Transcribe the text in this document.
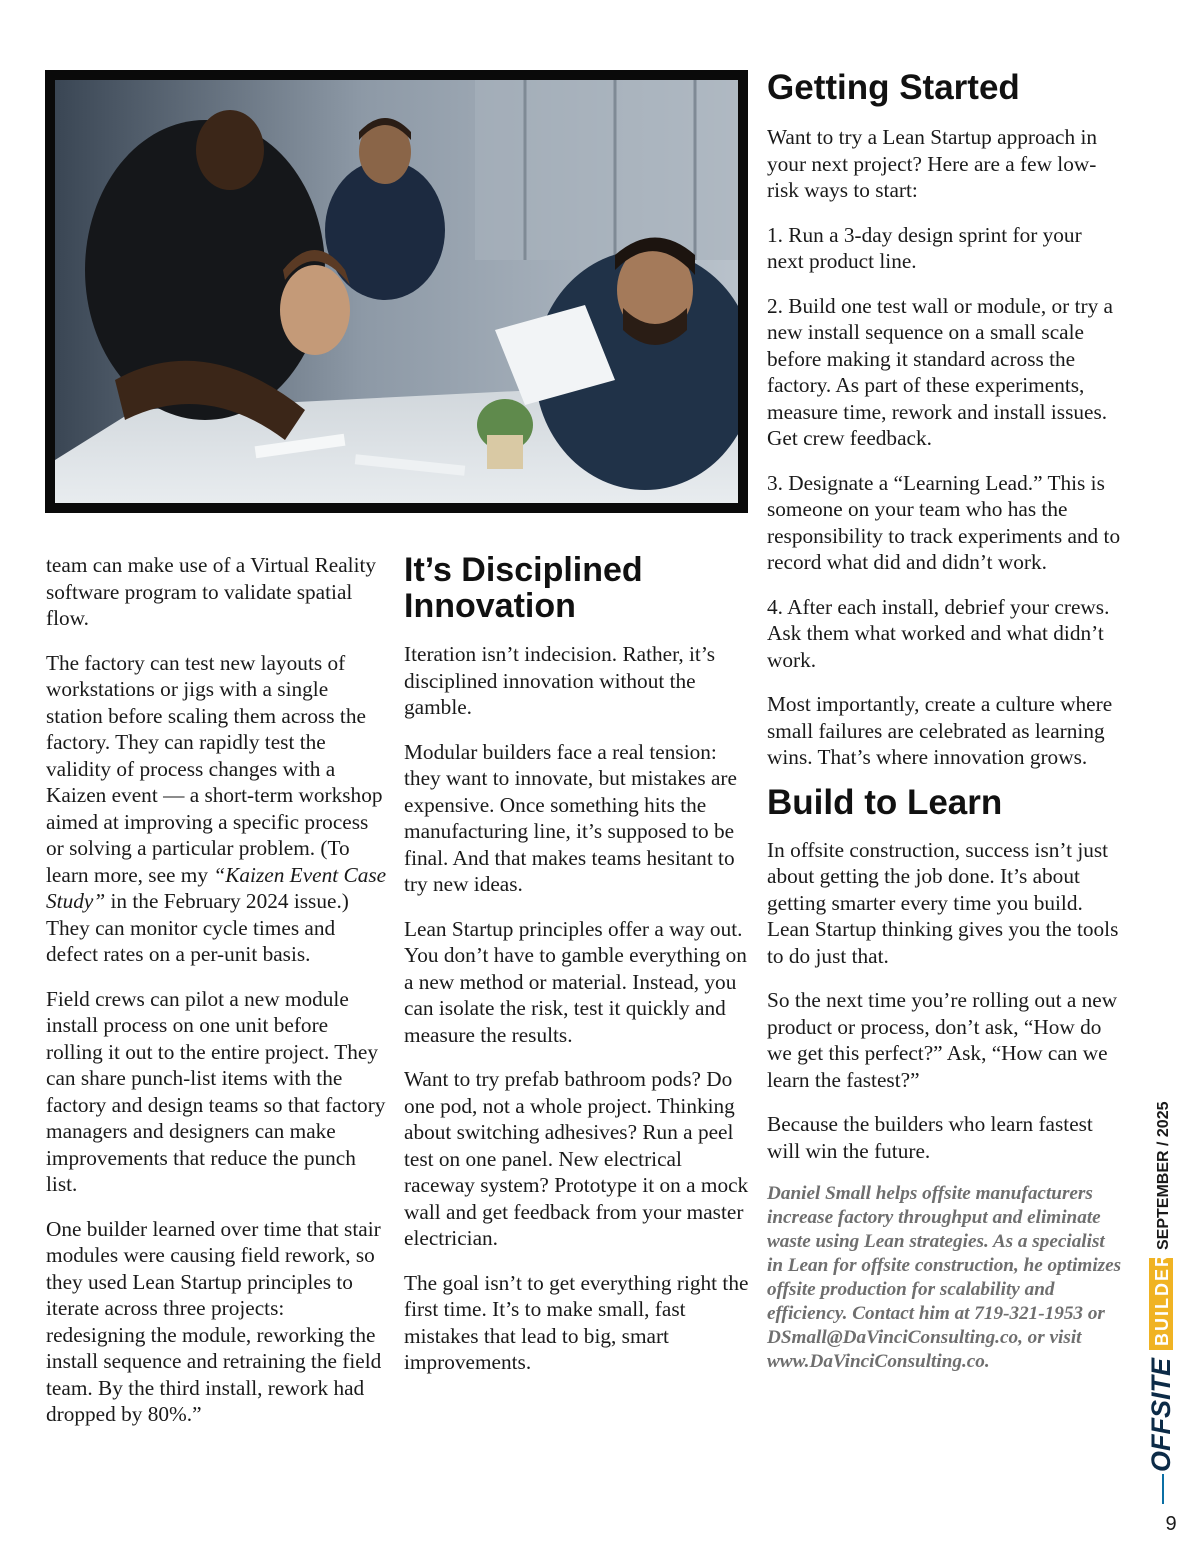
team can make use of a Virtual Reality software program to validate spatial flow.

The factory can test new layouts of workstations or jigs with a single station before scaling them across the factory. They can rapidly test the validity of process changes with a Kaizen event — a short-term workshop aimed at improving a specific process or solving a particular problem. (To learn more, see my “Kaizen Event Case Study” in the February 2024 issue.) They can monitor cycle times and defect rates on a per-unit basis.

Field crews can pilot a new module install process on one unit before rolling it out to the entire project. They can share punch-list items with the factory and design teams so that factory managers and designers can make improvements that reduce the punch list.

One builder learned over time that stair modules were causing field rework, so they used Lean Startup principles to iterate across three projects: redesigning the module, reworking the install sequence and retraining the field team. By the third install, rework had dropped by 80%.”

It’s Disciplined Innovation

Iteration isn’t indecision. Rather, it’s disciplined innovation without the gamble.

Modular builders face a real tension: they want to innovate, but mistakes are expensive. Once something hits the manufacturing line, it’s supposed to be final. And that makes teams hesitant to try new ideas.

Lean Startup principles offer a way out. You don’t have to gamble everything on a new method or material. Instead, you can isolate the risk, test it quickly and measure the results.

Want to try prefab bathroom pods? Do one pod, not a whole project. Thinking about switching adhesives? Run a peel test on one panel. New electrical raceway system? Prototype it on a mock wall and get feedback from your master electrician.

The goal isn’t to get everything right the first time. It’s to make small, fast mistakes that lead to big, smart improvements.

Getting Started

Want to try a Lean Startup approach in your next project? Here are a few low-risk ways to start:

1. Run a 3-day design sprint for your next product line.

2. Build one test wall or module, or try a new install sequence on a small scale before making it standard across the factory. As part of these experiments, measure time, rework and install issues. Get crew feedback.

3. Designate a “Learning Lead.” This is someone on your team who has the responsibility to track experiments and to record what did and didn’t work.

4. After each install, debrief your crews. Ask them what worked and what didn’t work.

Most importantly, create a culture where small failures are celebrated as learning wins. That’s where innovation grows.

Build to Learn

In offsite construction, success isn’t just about getting the job done. It’s about getting smarter every time you build. Lean Startup thinking gives you the tools to do just that.

So the next time you’re rolling out a new product or process, don’t ask, “How do we get this perfect?” Ask, “How can we learn the fastest?”

Because the builders who learn fastest will win the future.

Daniel Small helps offsite manufacturers increase factory throughput and eliminate waste using Lean strategies. As a specialist in Lean for offsite construction, he optimizes offsite production for scalability and efficiency. Contact him at 719-321-1953 or DSmall@DaVinciConsulting.co, or visit www.DaVinciConsulting.co.	OFFSITE
BUILDER
SEPTEMBER / 2025
9
